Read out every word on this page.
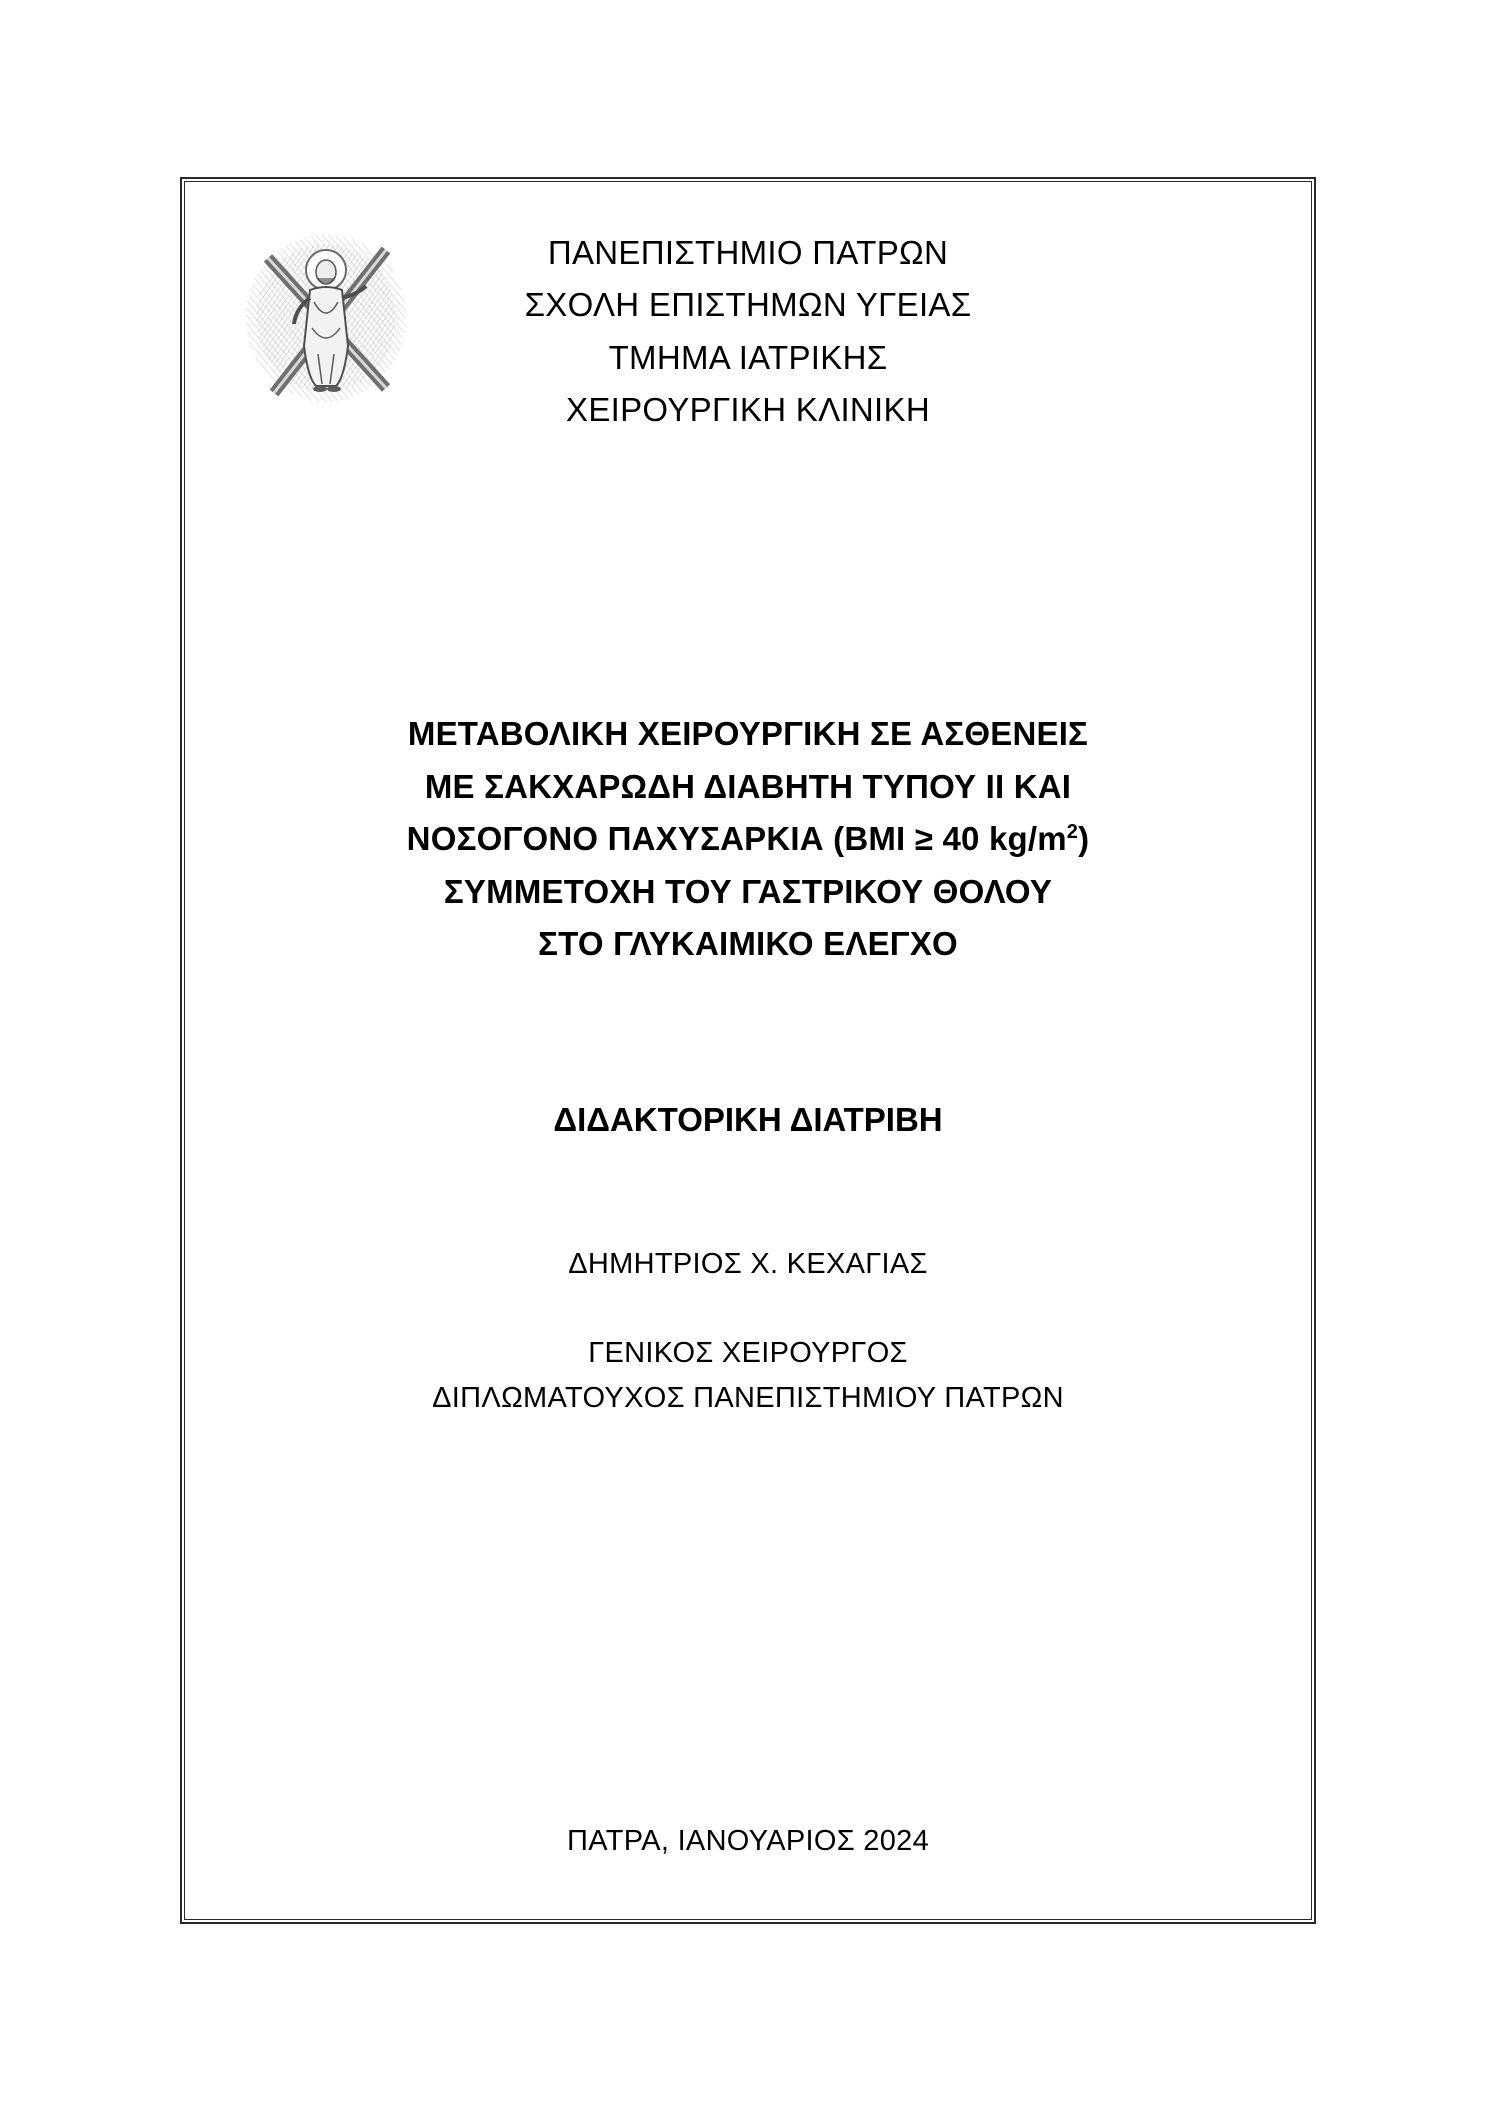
ΠΑΝΕΠΙΣΤΗΜΙΟ ΠΑΤΡΩΝ
ΣΧΟΛΗ ΕΠΙΣΤΗΜΩΝ ΥΓΕΙΑΣ
ΤΜΗΜΑ ΙΑΤΡΙΚΗΣ
ΧΕΙΡΟΥΡΓΙΚΗ ΚΛΙΝΙΚΗ
ΜΕΤΑΒΟΛΙΚΗ ΧΕΙΡΟΥΡΓΙΚΗ ΣΕ ΑΣΘΕΝΕΙΣ
ΜΕ ΣΑΚΧΑΡΩΔΗ ΔΙΑΒΗΤΗ ΤΥΠΟΥ ΙΙ ΚΑΙ
ΝΟΣΟΓΟΝΟ ΠΑΧΥΣΑΡΚΙΑ (BMI ≥ 40 $kg/m^2$)
ΣΥΜΜΕΤΟΧΗ ΤΟΥ ΓΑΣΤΡΙΚΟΥ ΘΟΛΟΥ
ΣΤΟ ΓΛΥΚΑΙΜΙΚΟ ΕΛΕΓΧΟ
ΔΙΔΑΚΤΟΡΙΚΗ ΔΙΑΤΡΙΒΗ
ΔΗΜΗΤΡΙΟΣ Χ. ΚΕΧΑΓΙΑΣ
ΓΕΝΙΚΟΣ ΧΕΙΡΟΥΡΓΟΣ
ΔΙΠΛΩΜΑΤΟΥΧΟΣ ΠΑΝΕΠΙΣΤΗΜΙΟΥ ΠΑΤΡΩΝ
ΠΑΤΡΑ, ΙΑΝΟΥΑΡΙΟΣ 2024
